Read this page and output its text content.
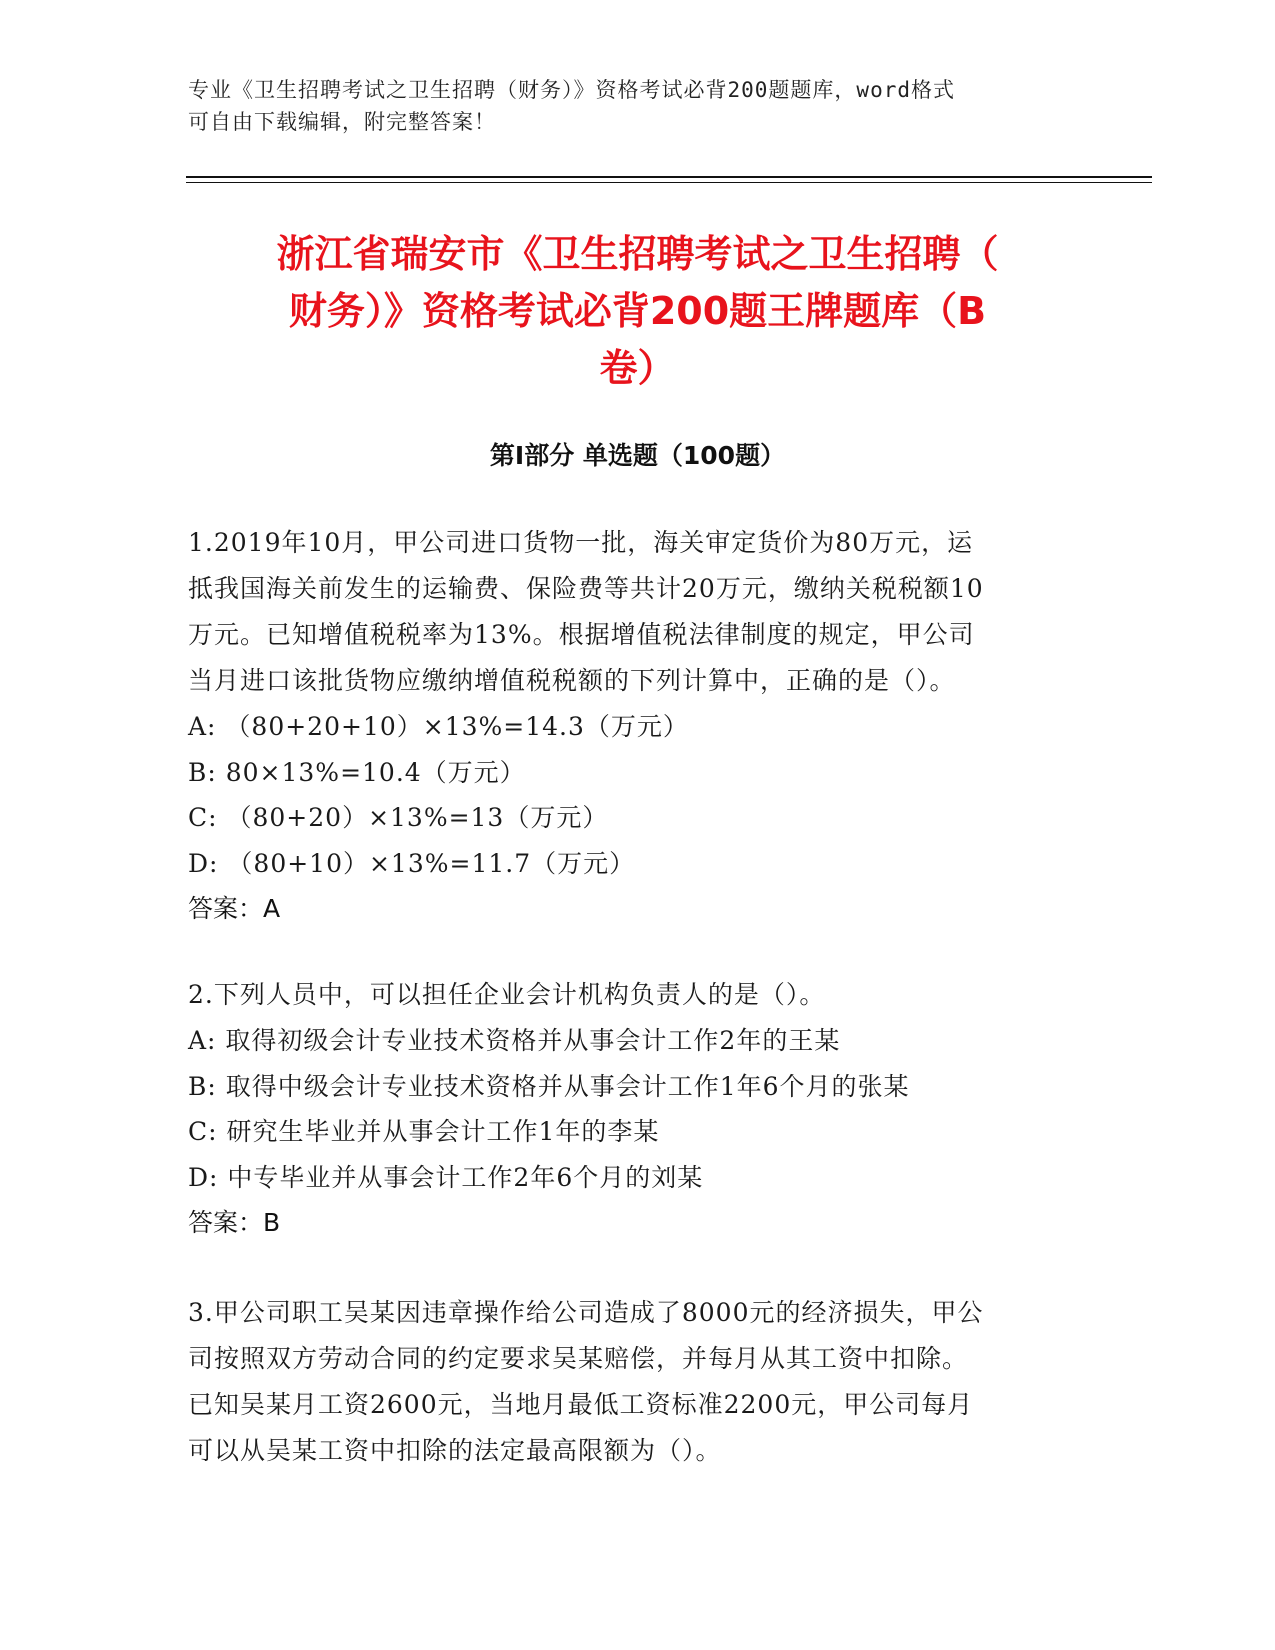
专业《卫生招聘考试之卫生招聘（财务）》资格考试必背200题题库，word格式
可自由下载编辑，附完整答案！
浙江省瑞安市《卫生招聘考试之卫生招聘（
财务）》资格考试必背200题王牌题库（B
卷）
第Ⅰ部分 单选题（100题）

1.2019年10月，甲公司进口货物一批，海关审定货价为80万元，运

抵我国海关前发生的运输费、保险费等共计20万元，缴纳关税税额10

万元。已知增值税税率为13%。根据增值税法律制度的规定，甲公司

当月进口该批货物应缴纳增值税税额的下列计算中，正确的是（）。

A: （80+20+10）×13%=14.3（万元）

B: 80×13%=10.4（万元）

C: （80+20）×13%=13（万元）

D: （80+10）×13%=11.7（万元）

答案：A

2.下列人员中，可以担任企业会计机构负责人的是（）。

A: 取得初级会计专业技术资格并从事会计工作2年的王某

B: 取得中级会计专业技术资格并从事会计工作1年6个月的张某

C: 研究生毕业并从事会计工作1年的李某

D: 中专毕业并从事会计工作2年6个月的刘某

答案：B

3.甲公司职工吴某因违章操作给公司造成了8000元的经济损失，甲公

司按照双方劳动合同的约定要求吴某赔偿，并每月从其工资中扣除。

已知吴某月工资2600元，当地月最低工资标准2200元，甲公司每月

可以从吴某工资中扣除的法定最高限额为（）。
